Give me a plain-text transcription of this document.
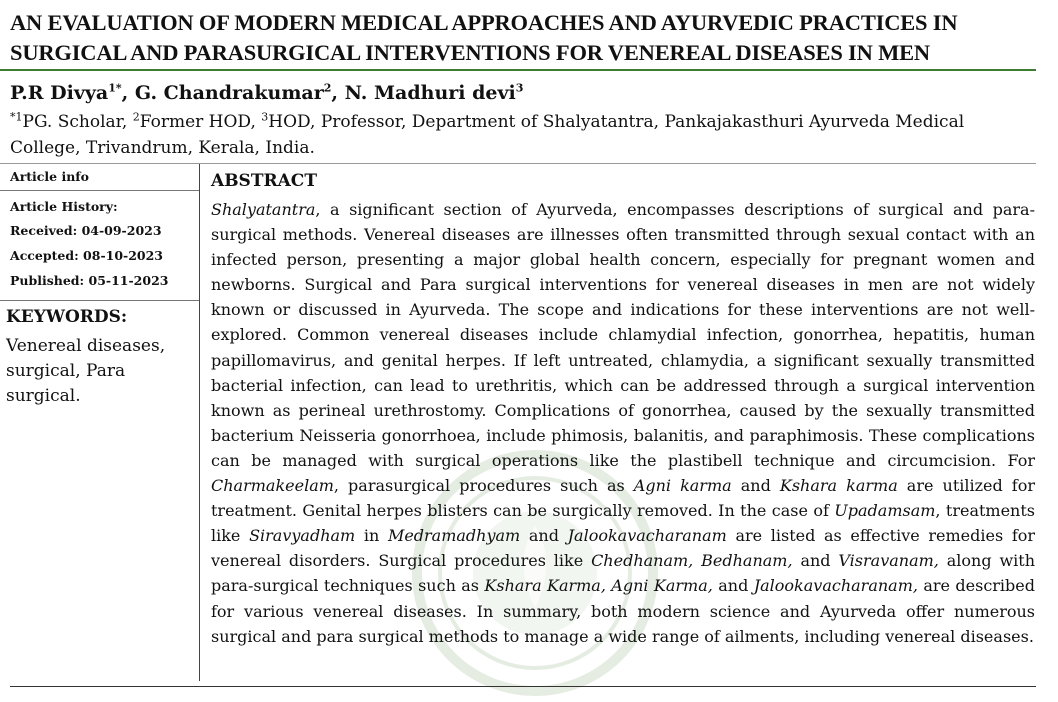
AN EVALUATION OF MODERN MEDICAL APPROACHES AND AYURVEDIC PRACTICES IN
SURGICAL AND PARASURGICAL INTERVENTIONS FOR VENEREAL DISEASES IN MEN
P.R Divya$^{1*}$, G. Chandrakumar$^2$, N. Madhuri devi$^3$
$^{*1}$PG. Scholar, $^2$Former HOD, $^3$HOD, Professor, Department of Shalyatantra, Pankajakasthuri Ayurveda Medical College, Trivandrum, Kerala, India.
Article info
Article History:
Received: 04-09-2023
Accepted: 08-10-2023
Published: 05-11-2023
KEYWORDS:
Venereal diseases, surgical, Para surgical.
ABSTRACT
Shalyatantra, a significant section of Ayurveda, encompasses descriptions of surgical and para-surgical methods. Venereal diseases are illnesses often transmitted through sexual contact with an infected person, presenting a major global health concern, especially for pregnant women and newborns. Surgical and Para surgical interventions for venereal diseases in men are not widely known or discussed in Ayurveda. The scope and indications for these interventions are not well-explored. Common venereal diseases include chlamydial infection, gonorrhea, hepatitis, human papillomavirus, and genital herpes. If left untreated, chlamydia, a significant sexually transmitted bacterial infection, can lead to urethritis, which can be addressed through a surgical intervention known as perineal urethrostomy. Complications of gonorrhea, caused by the sexually transmitted bacterium Neisseria gonorrhoea, include phimosis, balanitis, and paraphimosis. These complications can be managed with surgical operations like the plastibell technique and circumcision. For Charmakeelam, parasurgical procedures such as Agni karma and Kshara karma are utilized for treatment. Genital herpes blisters can be surgically removed. In the case of Upadamsam, treatments like Siravyadham in Medramadhyam and Jalookavacharanam are listed as effective remedies for venereal disorders. Surgical procedures like Chedhanam, Bedhanam, and Visravanam, along with para-surgical techniques such as Kshara Karma, Agni Karma, and Jalookavacharanam, are described for various venereal diseases. In summary, both modern science and Ayurveda offer numerous surgical and para surgical methods to manage a wide range of ailments, including venereal diseases.
